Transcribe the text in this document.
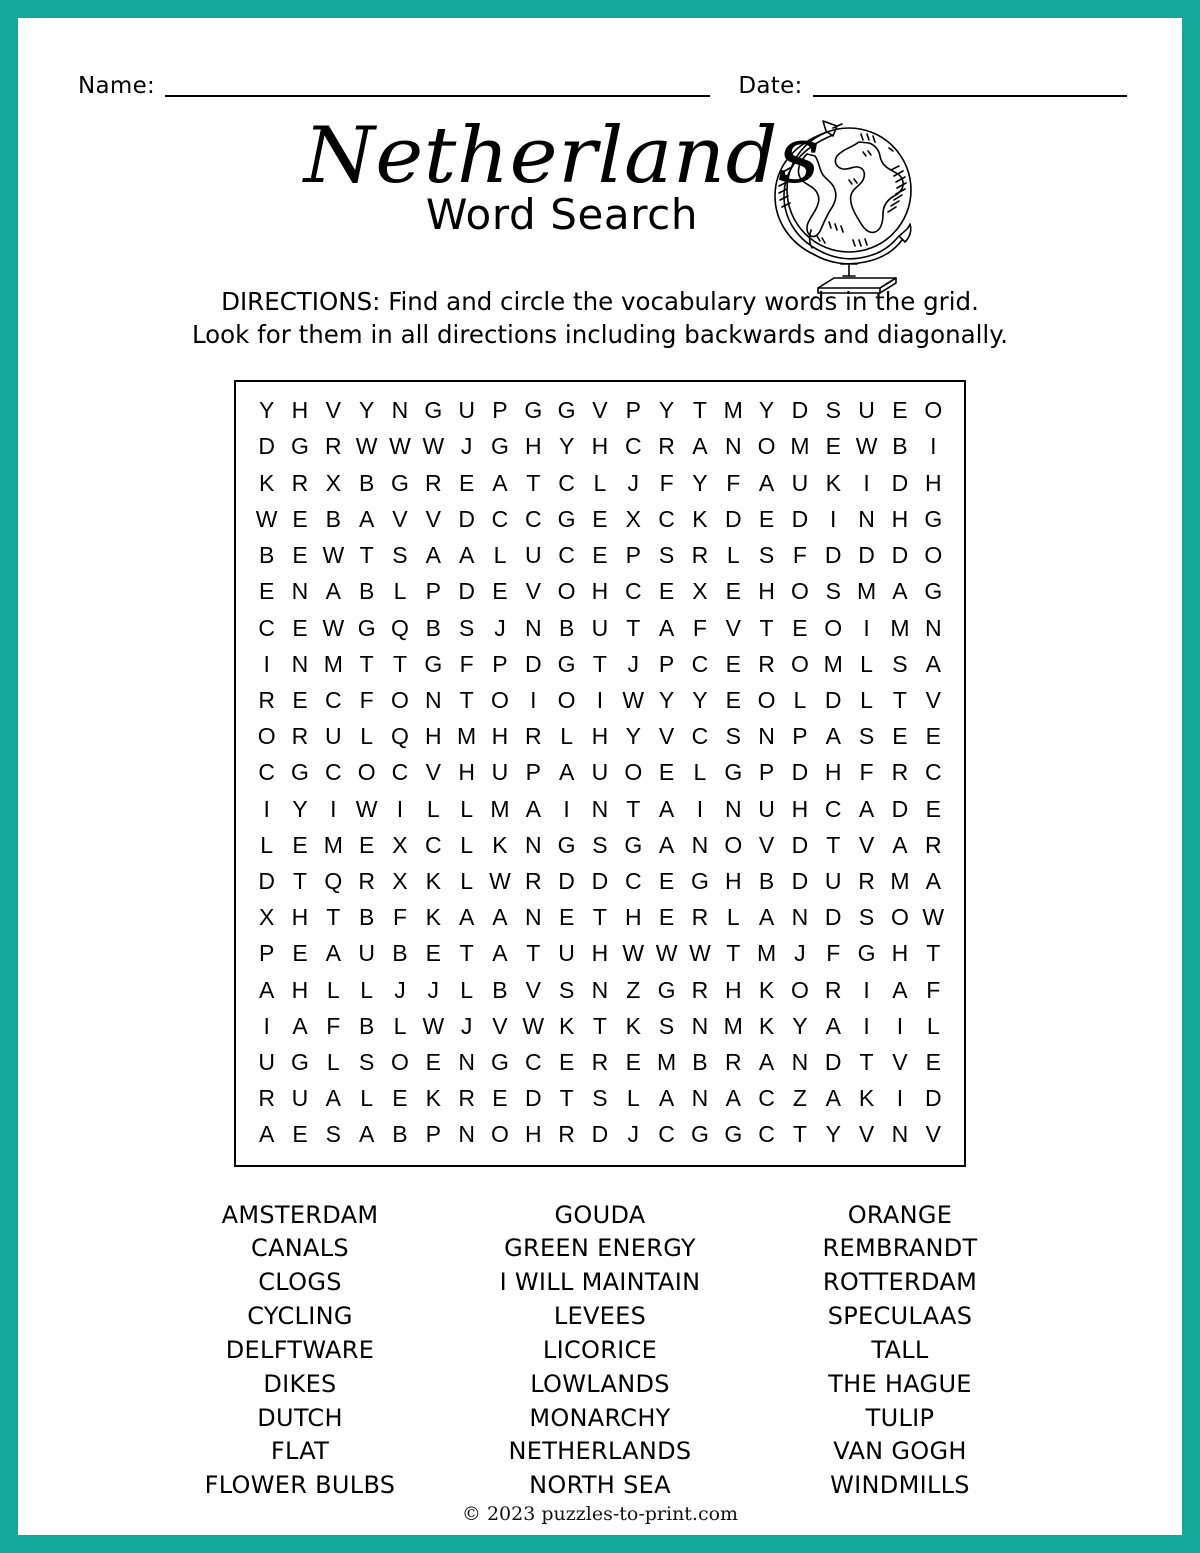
Name:	Date:
Netherlands
Word Search
DIRECTIONS: Find and circle the vocabulary words in the grid.
Look for them in all directions including backwards and diagonally.
Y	H	V	Y	N	G	U	P	G	G	V	P	Y	T	M	Y	D	S	U	E	O
D	G	R	W	W	W	J	G	H	Y	H	C	R	A	N	O	M	E	W	B	I
K	R	X	B	G	R	E	A	T	C	L	J	F	Y	F	A	U	K	I	D	H
W	E	B	A	V	V	D	C	C	G	E	X	C	K	D	E	D	I	N	H	G
B	E	W	T	S	A	A	L	U	C	E	P	S	R	L	S	F	D	D	D	O
E	N	A	B	L	P	D	E	V	O	H	C	E	X	E	H	O	S	M	A	G
C	E	W	G	Q	B	S	J	N	B	U	T	A	F	V	T	E	O	I	M	N
I	N	M	T	T	G	F	P	D	G	T	J	P	C	E	R	O	M	L	S	A
R	E	C	F	O	N	T	O	I	O	I	W	Y	Y	E	O	L	D	L	T	V
O	R	U	L	Q	H	M	H	R	L	H	Y	V	C	S	N	P	A	S	E	E
C	G	C	O	C	V	H	U	P	A	U	O	E	L	G	P	D	H	F	R	C
I	Y	I	W	I	L	L	M	A	I	N	T	A	I	N	U	H	C	A	D	E
L	E	M	E	X	C	L	K	N	G	S	G	A	N	O	V	D	T	V	A	R
D	T	Q	R	X	K	L	W	R	D	D	C	E	G	H	B	D	U	R	M	A
X	H	T	B	F	K	A	A	N	E	T	H	E	R	L	A	N	D	S	O	W
P	E	A	U	B	E	T	A	T	U	H	W	W	W	T	M	J	F	G	H	T
A	H	L	L	J	J	L	B	V	S	N	Z	G	R	H	K	O	R	I	A	F
I	A	F	B	L	W	J	V	W	K	T	K	S	N	M	K	Y	A	I	I	L
U	G	L	S	O	E	N	G	C	E	R	E	M	B	R	A	N	D	T	V	E
R	U	A	L	E	K	R	E	D	T	S	L	A	N	A	C	Z	A	K	I	D
A	E	S	A	B	P	N	O	H	R	D	J	C	G	G	C	T	Y	V	N	V
AMSTERDAM
CANALS
CLOGS
CYCLING
DELFTWARE
DIKES
DUTCH
FLAT
FLOWER BULBS
GOUDA
GREEN ENERGY
I WILL MAINTAIN
LEVEES
LICORICE
LOWLANDS
MONARCHY
NETHERLANDS
NORTH SEA
ORANGE
REMBRANDT
ROTTERDAM
SPECULAAS
TALL
THE HAGUE
TULIP
VAN GOGH
WINDMILLS
© 2023 puzzles-to-print.com
